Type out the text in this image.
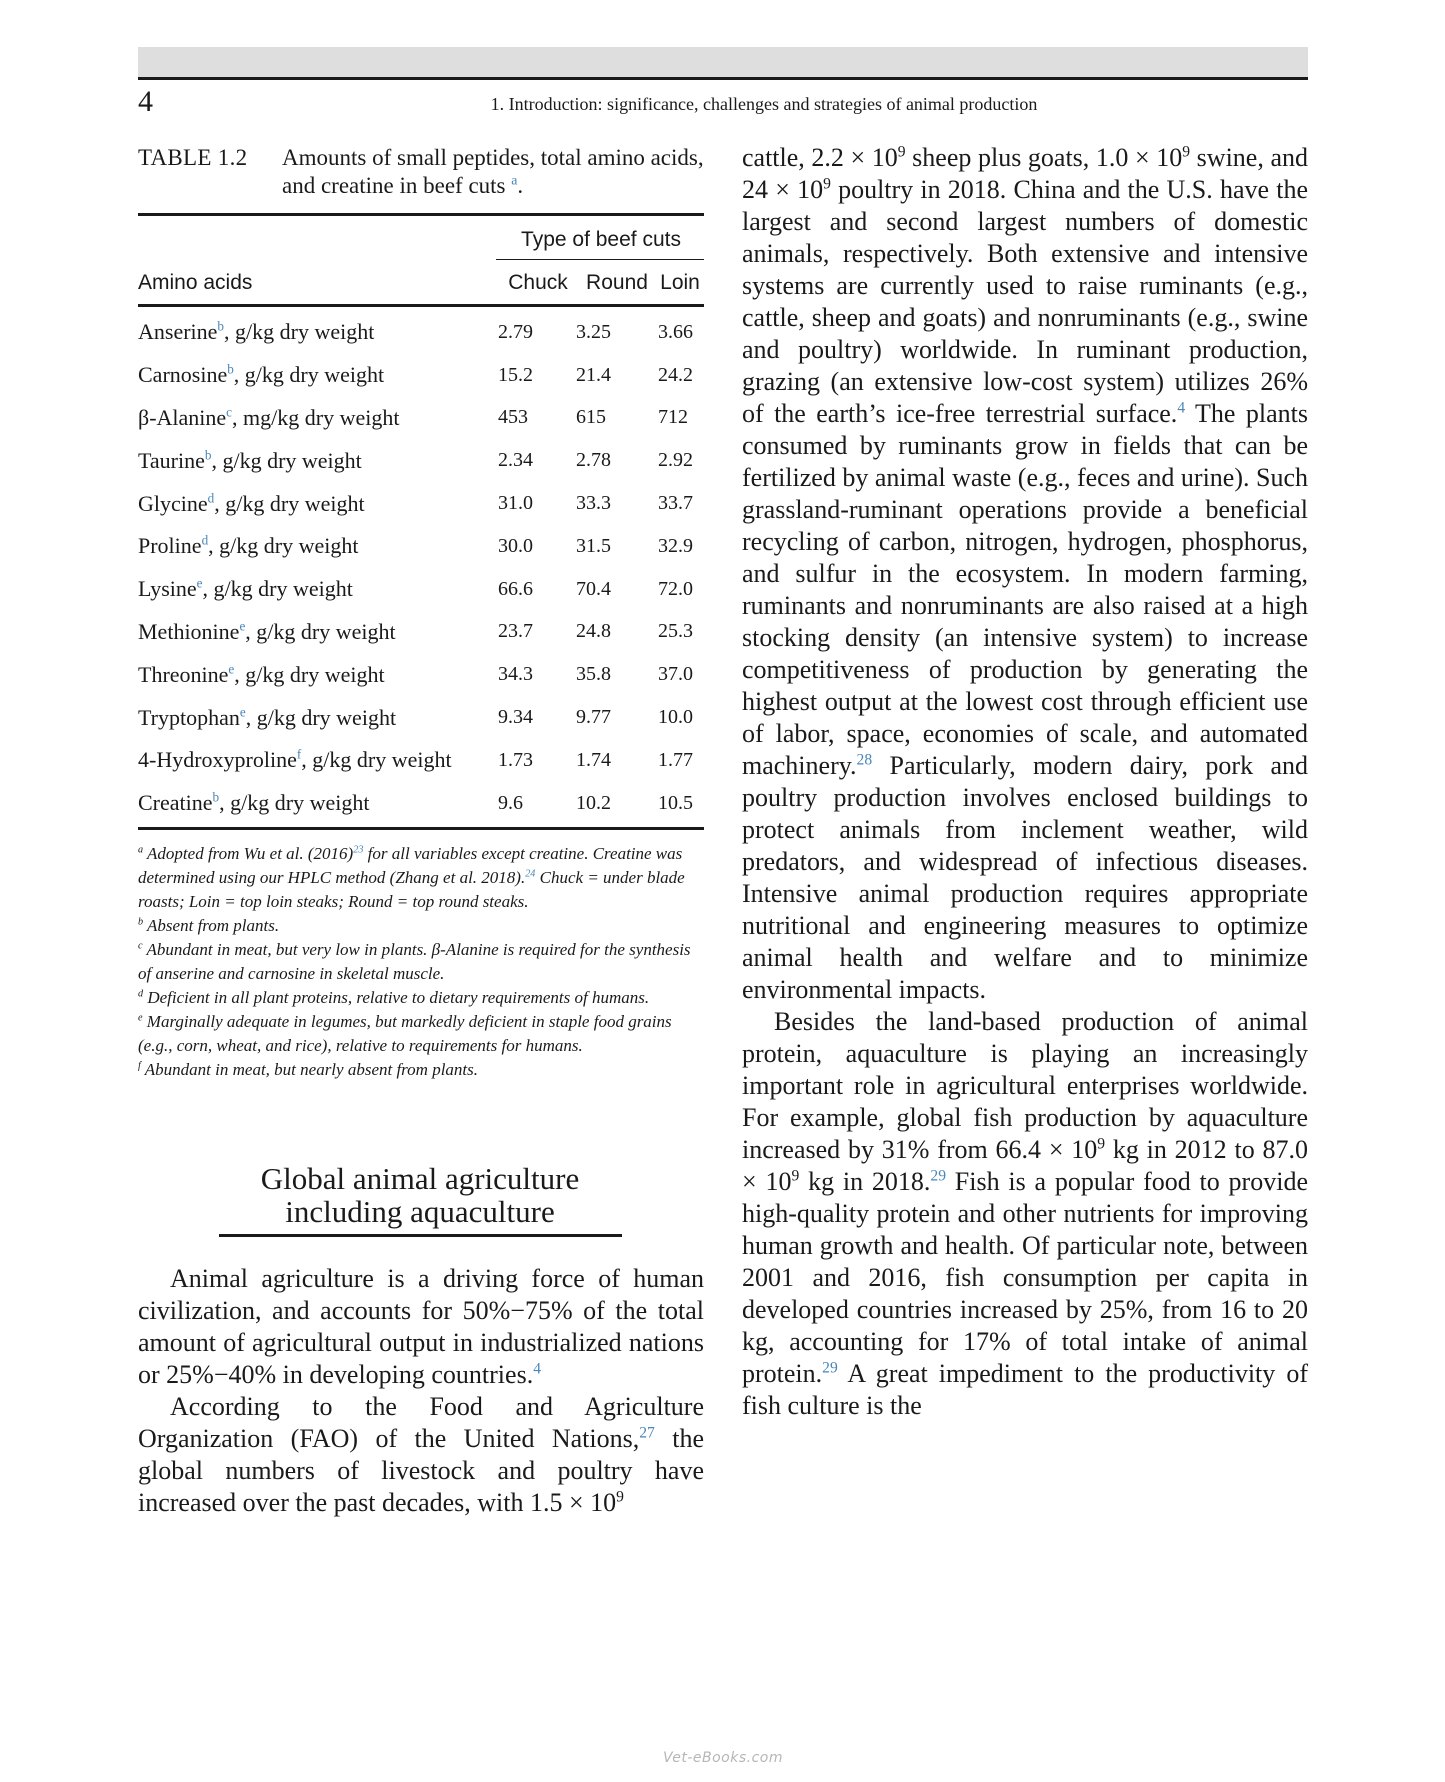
4	1. Introduction: significance, challenges and strategies of animal production
TABLE 1.2	Amounts of small peptides, total amino acids, and creatine in beef cuts $^a$.
Type of beef cuts
Amino acids	Chuck Round Loin
Anserine$^b$, g/kg dry weight	2.79	3.25	3.66
Carnosine$^b$, g/kg dry weight	15.2	21.4	24.2
β-Alanine$^c$, mg/kg dry weight	453	615	712
Taurine$^b$, g/kg dry weight	2.34	2.78	2.92
Glycine$^d$, g/kg dry weight	31.0	33.3	33.7
Proline$^d$, g/kg dry weight	30.0	31.5	32.9
Lysine$^e$, g/kg dry weight	66.6	70.4	72.0
Methionine$^e$, g/kg dry weight	23.7	24.8	25.3
Threonine$^e$, g/kg dry weight	34.3	35.8	37.0
Tryptophan$^e$, g/kg dry weight	9.34	9.77	10.0
4-Hydroxyproline$^f$, g/kg dry weight	1.73	1.74	1.77
Creatine$^b$, g/kg dry weight	9.6	10.2	10.5

$^a$ Adopted from Wu et al. (2016)$^{23}$ for all variables except creatine. Creatine was determined using our HPLC method (Zhang et al. 2018).$^{24}$ Chuck = under blade roasts; Loin = top loin steaks; Round = top round steaks.

$^b$ Absent from plants.

$^c$ Abundant in meat, but very low in plants. β-Alanine is required for the synthesis of anserine and carnosine in skeletal muscle.

$^d$ Deficient in all plant proteins, relative to dietary requirements of humans.

$^e$ Marginally adequate in legumes, but markedly deficient in staple food grains (e.g., corn, wheat, and rice), relative to requirements for humans.

$^f$ Abundant in meat, but nearly absent from plants.

Global animal agriculture
including aquaculture

Animal agriculture is a driving force of human civilization, and accounts for 50%−75% of the total amount of agricultural output in industrialized nations or 25%−40% in developing countries.$^4$

According to the Food and Agriculture Organization (FAO) of the United Nations,$^{27}$ the global numbers of livestock and poultry have increased over the past decades, with $1.5 \times 10^9$

cattle, $2.2 \times 10^9$ sheep plus goats, $1.0 \times 10^9$ swine, and $24 \times 10^9$ poultry in 2018. China and the U.S. have the largest and second largest numbers of domestic animals, respectively. Both extensive and intensive systems are currently used to raise ruminants (e.g., cattle, sheep and goats) and nonruminants (e.g., swine and poultry) worldwide. In ruminant production, grazing (an extensive low-cost system) utilizes 26% of the earth’s ice-free terrestrial surface.$^4$ The plants consumed by ruminants grow in fields that can be fertilized by animal waste (e.g., feces and urine). Such grassland-ruminant operations provide a beneficial recycling of carbon, nitrogen, hydrogen, phosphorus, and sulfur in the ecosystem. In modern farming, ruminants and nonruminants are also raised at a high stocking density (an intensive system) to increase competitiveness of production by generating the highest output at the lowest cost through efficient use of labor, space, economies of scale, and automated machinery.$^{28}$ Particularly, modern dairy, pork and poultry production involves enclosed buildings to protect animals from inclement weather, wild predators, and widespread of infectious diseases. Intensive animal production requires appropriate nutritional and engineering measures to optimize animal health and welfare and to minimize environmental impacts.

Besides the land-based production of animal protein, aquaculture is playing an increasingly important role in agricultural enterprises worldwide. For example, global fish production by aquaculture increased by 31% from $66.4 \times 10^9$ kg in 2012 to $87.0 \times 10^9$ kg in 2018.29 Fish is a popular food to provide high-quality protein and other nutrients for improving human growth and health. Of particular note, between 2001 and 2016, fish consumption per capita in developed countries increased by 25%, from 16 to 20 kg, accounting for 17% of total intake of animal protein.$^{29}$ A great impediment to the productivity of fish culture is the

Vet-eBooks.com
